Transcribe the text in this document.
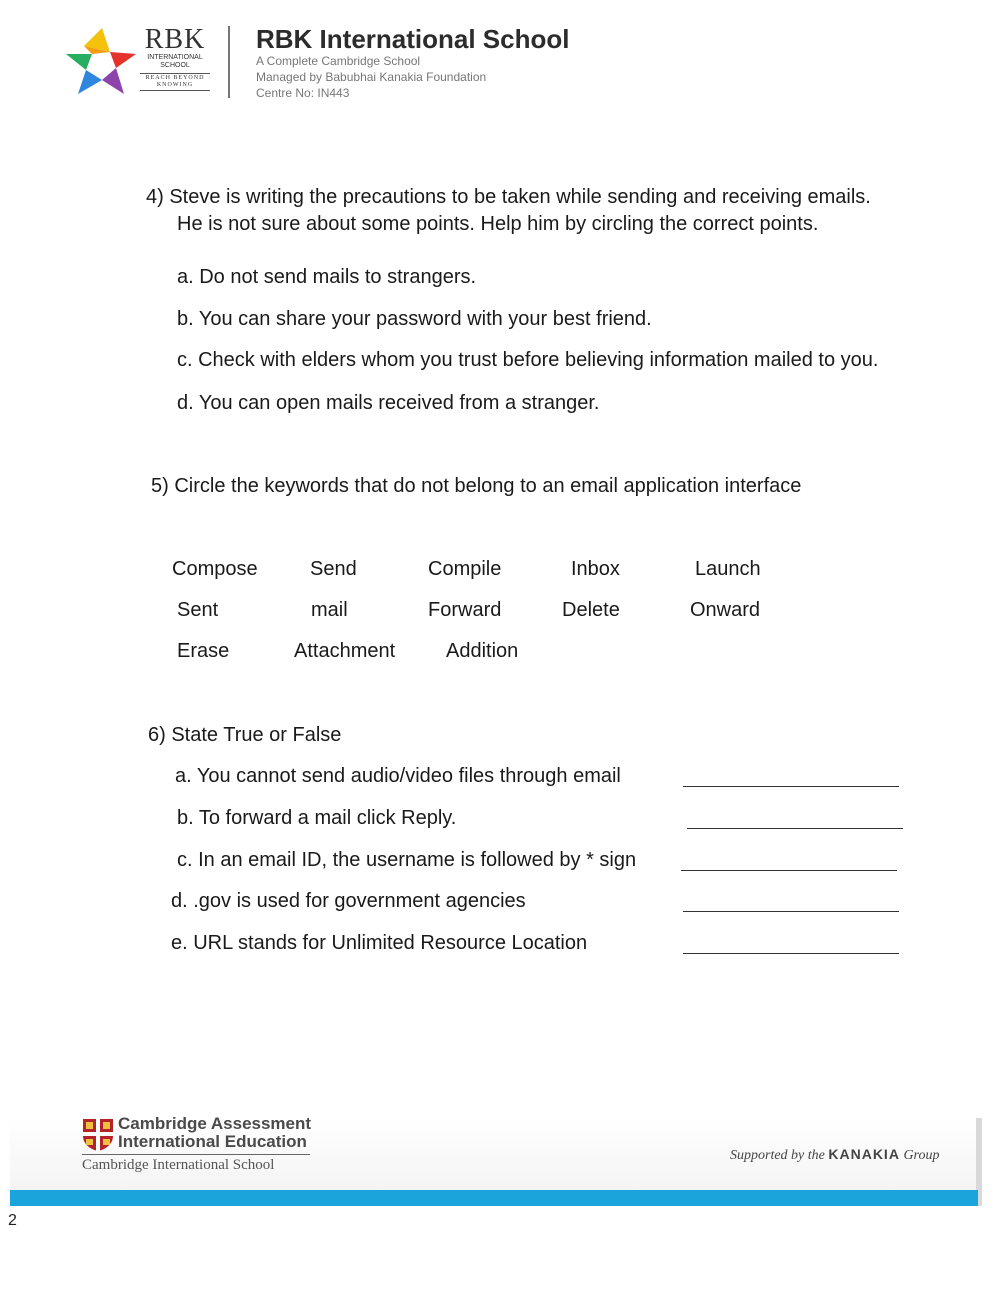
RBK
INTERNATIONAL SCHOOL
REACH BEYOND KNOWING
RBK International School
A Complete Cambridge School
Managed by Babubhai Kanakia Foundation
Centre No: IN443
4) Steve is writing the precautions to be taken while sending and receiving emails.
He is not sure about some points. Help him by circling the correct points.
a. Do not send mails to strangers.
b. You can share your password with your best friend.
c. Check with elders whom you trust before believing information mailed to you.
d. You can open mails received from a stranger.
5) Circle the keywords that do not belong to an email application interface
Compose	Send	Compile	Inbox	Launch
Sent	mail	Forward	Delete	Onward
Erase	Attachment	Addition
6) State True or False
a. You cannot send audio/video files through email
b. To forward a mail click Reply.
c. In an email ID, the username is followed by * sign
d. .gov is used for government agencies
e. URL stands for Unlimited Resource Location
Cambridge Assessment
International Education
Cambridge International School
Supported by the KANAKIA Group
2
